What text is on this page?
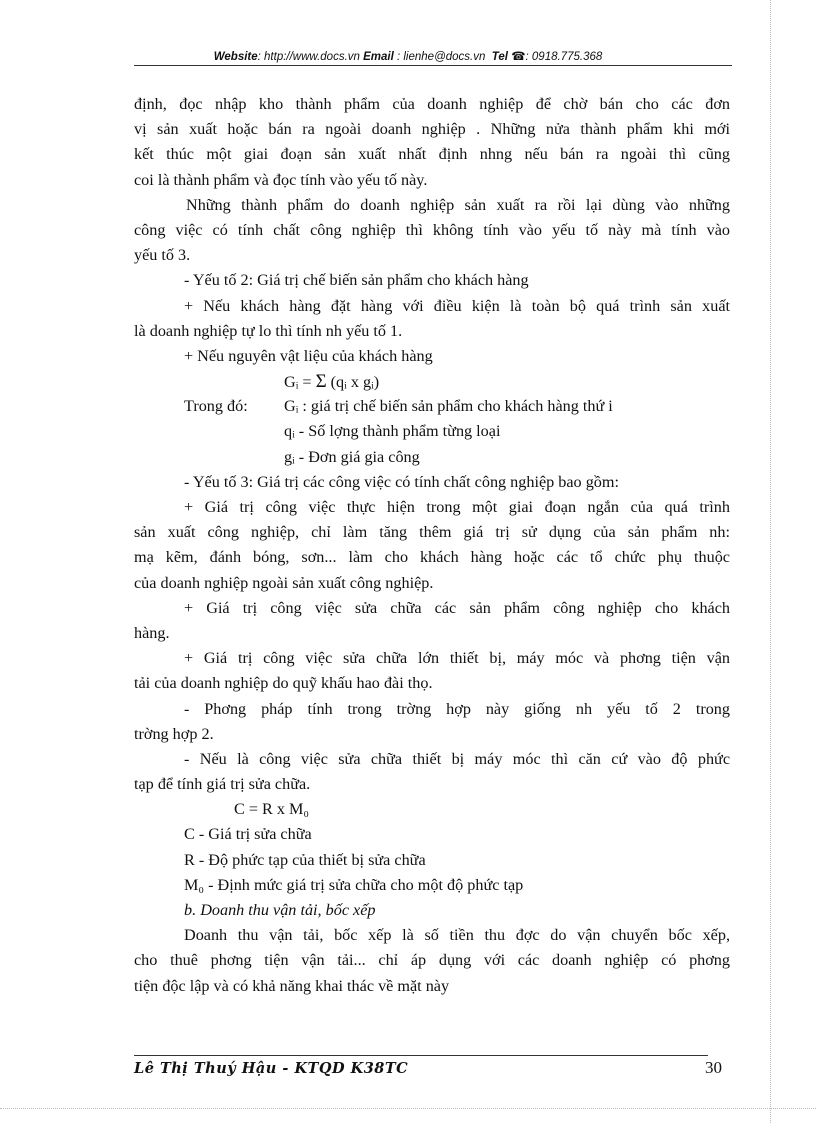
Website: http://www.docs.vn Email : lienhe@docs.vn Tel ☎: 0918.775.368
định, đọc nhập kho thành phẩm của doanh nghiệp để chờ bán cho các đơn
vị sản xuất hoặc bán ra ngoài doanh nghiệp . Những nửa thành phẩm khi mới
kết thúc một giai đoạn sản xuất nhất định nhng nếu bán ra ngoài thì cũng
coi là thành phẩm và đọc tính vào yếu tố này.
Những thành phẩm do doanh nghiệp sản xuất ra rồi lại dùng vào những
công việc có tính chất công nghiệp thì không tính vào yếu tố này mà tính vào
yếu tố 3.
- Yếu tố 2: Giá trị chế biến sản phẩm cho khách hàng
+ Nếu khách hàng đặt hàng với điều kiện là toàn bộ quá trình sản xuất
là doanh nghiệp tự lo thì tính nh yếu tố 1.
+ Nếu nguyên vật liệu của khách hàng
Gᵢ = Σ (qᵢ x gᵢ)
Trong đó: Gᵢ : giá trị chế biến sản phẩm cho khách hàng thứ i
qᵢ - Số lợng thành phẩm từng loại
gᵢ - Đơn giá gia công
- Yếu tố 3: Giá trị các công việc có tính chất công nghiệp bao gồm:
+ Giá trị công việc thực hiện trong một giai đoạn ngắn của quá trình
sản xuất công nghiệp, chỉ làm tăng thêm giá trị sử dụng của sản phẩm nh:
mạ kẽm, đánh bóng, sơn... làm cho khách hàng hoặc các tổ chức phụ thuộc
của doanh nghiệp ngoài sản xuất công nghiệp.
+ Giá trị công việc sửa chữa các sản phẩm công nghiệp cho khách
hàng.
+ Giá trị công việc sửa chữa lớn thiết bị, máy móc và phơng tiện vận
tải của doanh nghiệp do quỹ khấu hao đài thọ.
- Phơng pháp tính trong trờng hợp này giống nh yếu tố 2 trong
trờng hợp 2.
- Nếu là công việc sửa chữa thiết bị máy móc thì căn cứ vào độ phức
tạp để tính giá trị sửa chữa.
C = R x M₀
C - Giá trị sửa chữa
R - Độ phức tạp của thiết bị sửa chữa
M₀ - Định mức giá trị sửa chữa cho một độ phức tạp
b. Doanh thu vận tải, bốc xếp
Doanh thu vận tải, bốc xếp là số tiền thu đợc do vận chuyển bốc xếp,
cho thuê phơng tiện vận tải... chỉ áp dụng với các doanh nghiệp có phơng
tiện độc lập và có khả năng khai thác về mặt này
Lê Thị Thuý Hậu - KTQD K38TC	30
